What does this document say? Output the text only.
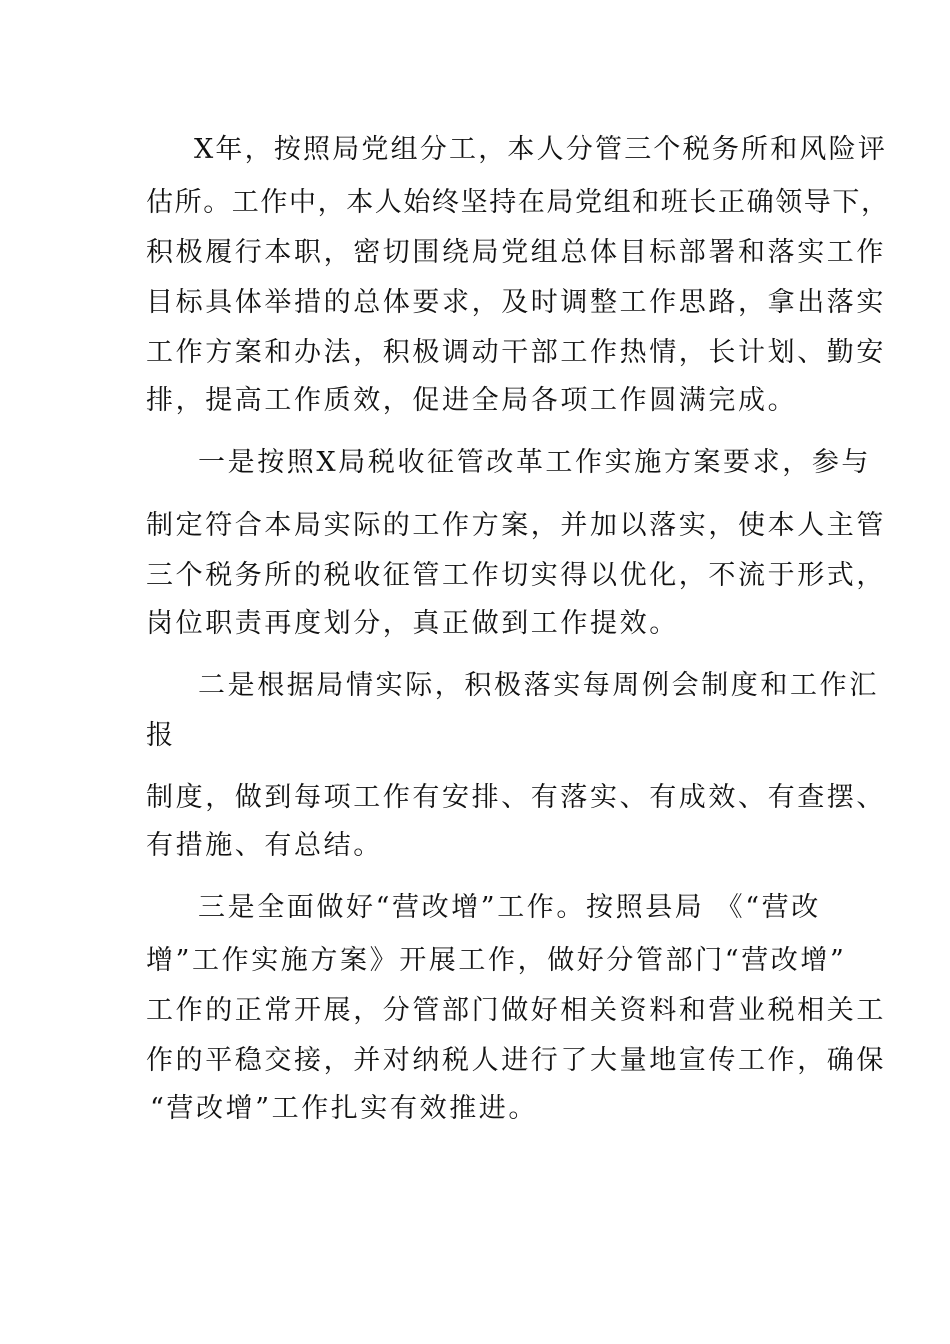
X年，按照局党组分工，本人分管三个税务所和风险评
估所。工作中，本人始终坚持在局党组和班长正确领导下，
积极履行本职，密切围绕局党组总体目标部署和落实工作
目标具体举措的总体要求，及时调整工作思路，拿出落实
工作方案和办法，积极调动干部工作热情，长计划、勤安
排，提高工作质效，促进全局各项工作圆满完成。
一是按照X局税收征管改革工作实施方案要求，参与
制定符合本局实际的工作方案，并加以落实，使本人主管
三个税务所的税收征管工作切实得以优化，不流于形式，
岗位职责再度划分，真正做到工作提效。
二是根据局情实际，积极落实每周例会制度和工作汇
报
制度，做到每项工作有安排、有落实、有成效、有查摆、
有措施、有总结。
三是全面做好“营改增”工作。按照县局 《“营改
增”工作实施方案》开展工作，做好分管部门“营改增”
工作的正常开展，分管部门做好相关资料和营业税相关工
作的平稳交接，并对纳税人进行了大量地宣传工作，确保
“营改增”工作扎实有效推进。
